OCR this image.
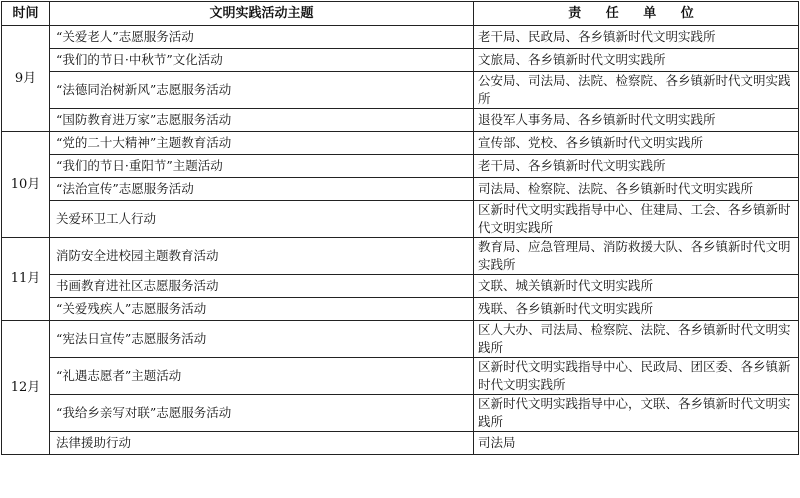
时间	文明实践活动主题	责 任 单 位
9月	“关爱老人”志愿服务活动	老干局、民政局、各乡镇新时代文明实践所
	“我们的节日·中秋节”文化活动	文旅局、各乡镇新时代文明实践所
	“法德同治树新风”志愿服务活动	公安局、司法局、法院、检察院、各乡镇新时代文明实践所
	“国防教育进万家”志愿服务活动	退役军人事务局、各乡镇新时代文明实践所
10月	“党的二十大精神”主题教育活动	宣传部、党校、各乡镇新时代文明实践所
	“我们的节日·重阳节”主题活动	老干局、各乡镇新时代文明实践所
	“法治宣传”志愿服务活动	司法局、检察院、法院、各乡镇新时代文明实践所
	关爱环卫工人行动	区新时代文明实践指导中心、住建局、工会、各乡镇新时代文明实践所
11月	消防安全进校园主题教育活动	教育局、应急管理局、消防救援大队、各乡镇新时代文明实践所
	书画教育进社区志愿服务活动	文联、城关镇新时代文明实践所
	“关爱残疾人”志愿服务活动	残联、各乡镇新时代文明实践所
12月	“宪法日宣传”志愿服务活动	区人大办、司法局、检察院、法院、各乡镇新时代文明实践所
	“礼遇志愿者”主题活动	区新时代文明实践指导中心、民政局、团区委、各乡镇新时代文明实践所
	“我给乡亲写对联”志愿服务活动	区新时代文明实践指导中心，文联、各乡镇新时代文明实践所
	法律援助行动	司法局
